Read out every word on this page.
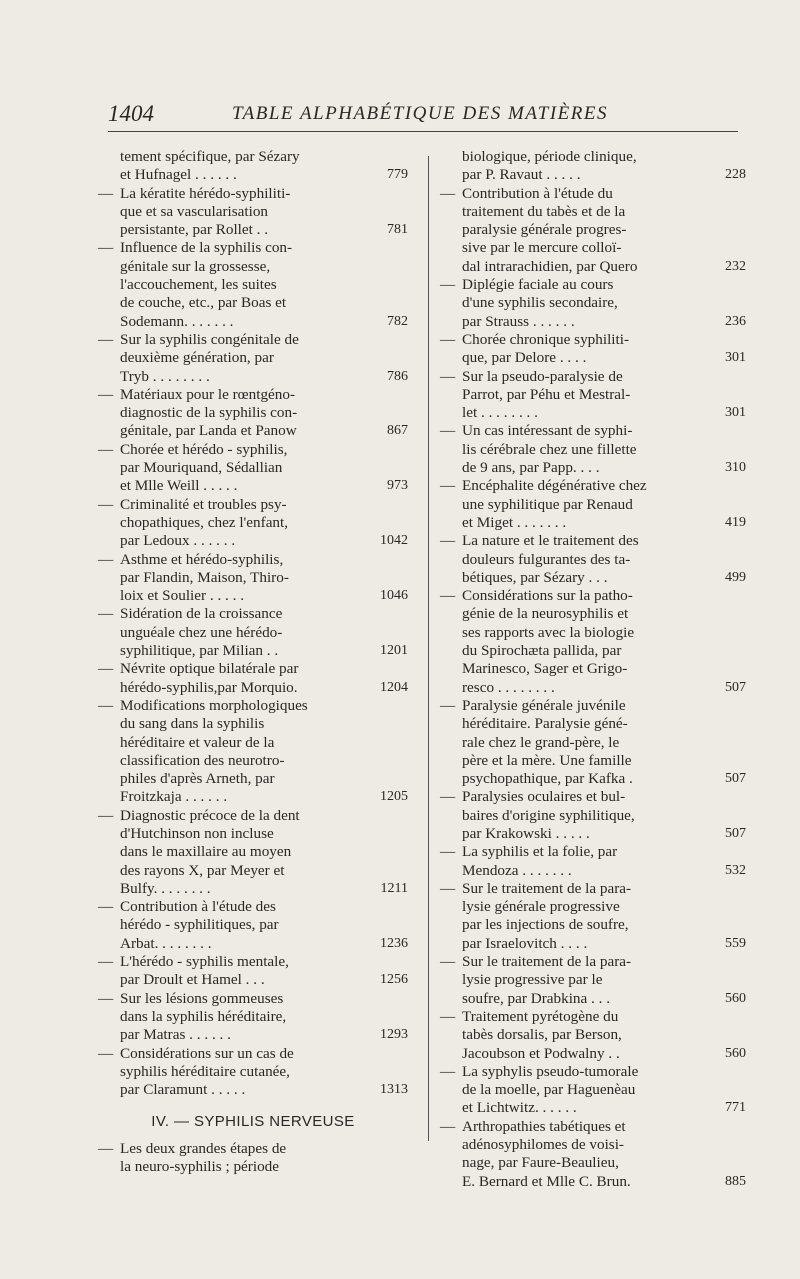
1404	TABLE ALPHABÉTIQUE DES MATIÈRES
tement spécifique, par Sézary
et Hufnagel . . . . . .	779
— La kératite hérédo-syphiliti-
que et sa vascularisation
persistante, par Rollet . .	781
— Influence de la syphilis con-
génitale sur la grossesse,
l'accouchement, les suites
de couche, etc., par Boas et
Sodemann. . . . . . .	782
— Sur la syphilis congénitale de
deuxième génération, par
Tryb . . . . . . . .	786
— Matériaux pour le rœntgéno-
diagnostic de la syphilis con-
génitale, par Landa et Panow	867
— Chorée et hérédo - syphilis,
par Mouriquand, Sédallian
et Mlle Weill . . . . .	973
— Criminalité et troubles psy-
chopathiques, chez l'enfant,
par Ledoux . . . . . .	1042
— Asthme et hérédo-syphilis,
par Flandin, Maison, Thiro-
loix et Soulier . . . . .	1046
— Sidération de la croissance
unguéale chez une hérédo-
syphilitique, par Milian . .	1201
— Névrite optique bilatérale par
hérédo-syphilis,par Morquio.	1204
— Modifications morphologiques
du sang dans la syphilis
héréditaire et valeur de la
classification des neurotro-
philes d'après Arneth, par
Froitzkaja . . . . . .	1205
— Diagnostic précoce de la dent
d'Hutchinson non incluse
dans le maxillaire au moyen
des rayons X, par Meyer et
Bulfy. . . . . . . .	1211
— Contribution à l'étude des
hérédo - syphilitiques, par
Arbat. . . . . . . .	1236
— L'hérédo - syphilis mentale,
par Droult et Hamel . . .	1256
— Sur les lésions gommeuses
dans la syphilis héréditaire,
par Matras . . . . . .	1293
— Considérations sur un cas de
syphilis héréditaire cutanée,
par Claramunt . . . . .	1313
IV. — SYPHILIS NERVEUSE
— Les deux grandes étapes de
la neuro-syphilis ; période
biologique, période clinique,
par P. Ravaut . . . . .	228
— Contribution à l'étude du
traitement du tabès et de la
paralysie générale progres-
sive par le mercure colloï-
dal intrarachidien, par Quero	232
— Diplégie faciale au cours
d'une syphilis secondaire,
par Strauss . . . . . .	236
— Chorée chronique syphiliti-
que, par Delore . . . .	301
— Sur la pseudo-paralysie de
Parrot, par Péhu et Mestral-
let . . . . . . . .	301
— Un cas intéressant de syphi-
lis cérébrale chez une fillette
de 9 ans, par Papp. . . .	310
— Encéphalite dégénérative chez
une syphilitique par Renaud
et Miget . . . . . . .	419
— La nature et le traitement des
douleurs fulgurantes des ta-
bétiques, par Sézary . . .	499
— Considérations sur la patho-
génie de la neurosyphilis et
ses rapports avec la biologie
du Spirochæta pallida, par
Marinesco, Sager et Grigo-
resco . . . . . . . .	507
— Paralysie générale juvénile
héréditaire. Paralysie géné-
rale chez le grand-père, le
père et la mère. Une famille
psychopathique, par Kafka .	507
— Paralysies oculaires et bul-
baires d'origine syphilitique,
par Krakowski . . . . .	507
— La syphilis et la folie, par
Mendoza . . . . . . .	532
— Sur le traitement de la para-
lysie générale progressive
par les injections de soufre,
par Israelovitch . . . .	559
— Sur le traitement de la para-
lysie progressive par le
soufre, par Drabkina . . .	560
— Traitement pyrétogène du
tabès dorsalis, par Berson,
Jacoubson et Podwalny . .	560
— La syphylis pseudo-tumorale
de la moelle, par Haguenèau
et Lichtwitz. . . . . .	771
— Arthropathies tabétiques et
adénosyphilomes de voisi-
nage, par Faure-Beaulieu,
E. Bernard et Mlle C. Brun.	885
